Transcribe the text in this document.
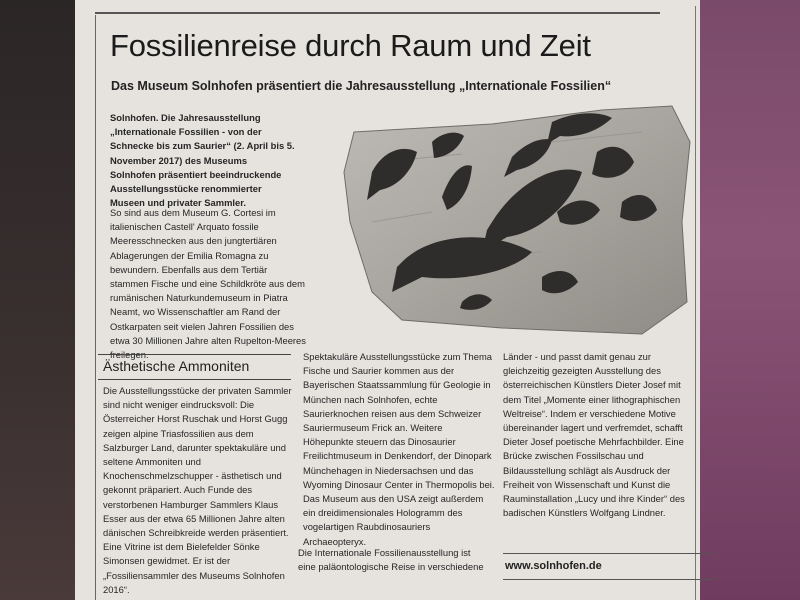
Fossilienreise durch Raum und Zeit
Das Museum Solnhofen präsentiert die Jahresausstellung „Internationale Fossilien“
Solnhofen. Die Jahresausstellung „Internationale Fossilien - von der Schnecke bis zum Saurier“ (2. April bis 5. November 2017) des Museums Solnhofen präsentiert beeindruckende Ausstellungsstücke renommierter Museen und privater Sammler.
So sind aus dem Museum G. Cortesi im italienischen Castell' Arquato fossile Meeresschnecken aus den jungtertiären Ablagerungen der Emilia Romagna zu bewundern. Ebenfalls aus dem Tertiär stammen Fische und eine Schildkröte aus dem rumänischen Naturkundemuseum in Piatra Neamt, wo Wissenschaftler am Rand der Ostkarpaten seit vielen Jahren Fossilien des etwa 30 Millionen Jahre alten Rupelton-Meeres freilegen.
Ästhetische Ammoniten
Die Ausstellungsstücke der privaten Sammler sind nicht weniger eindrucksvoll: Die Österreicher Horst Ruschak und Horst Gugg zeigen alpine Triasfossilien aus dem Salzburger Land, darunter spektakuläre und seltene Ammoniten und Knochenschmelzschupper - ästhetisch und gekonnt präpariert. Auch Funde des verstorbenen Hamburger Sammlers Klaus Esser aus der etwa 65 Millionen Jahre alten dänischen Schreibkreide werden präsentiert. Eine Vitrine ist dem Bielefelder Sönke Simonsen gewidmet. Er ist der „Fossiliensammler des Museums Solnhofen 2016“.
Spektakuläre Ausstellungsstücke zum Thema Fische und Saurier kommen aus der Bayerischen Staatssammlung für Geologie in München nach Solnhofen, echte Saurierknochen reisen aus dem Schweizer Sauriermuseum Frick an. Weitere Höhepunkte steuern das Dinosaurier Freilichtmuseum in Denkendorf, der Dinopark Münchehagen in Niedersachsen und das Wyoming Dinosaur Center in Thermopolis bei. Das Museum aus den USA zeigt außerdem ein dreidimensionales Hologramm des vogelartigen Raubdinosauriers Archaeopteryx.
Die Internationale Fossilienausstellung ist eine paläontologische Reise in verschiedene
Länder - und passt damit genau zur gleichzeitig gezeigten Ausstellung des österreichischen Künstlers Dieter Josef mit dem Titel „Momente einer lithographischen Weltreise“. Indem er verschiedene Motive übereinander lagert und verfremdet, schafft Dieter Josef poetische Mehrfachbilder. Eine Brücke zwischen Fossilschau und Bildausstellung schlägt als Ausdruck der Freiheit von Wissenschaft und Kunst die Rauminstallation „Lucy und ihre Kinder“ des badischen Künstlers Wolfgang Lindner.
www.solnhofen.de
